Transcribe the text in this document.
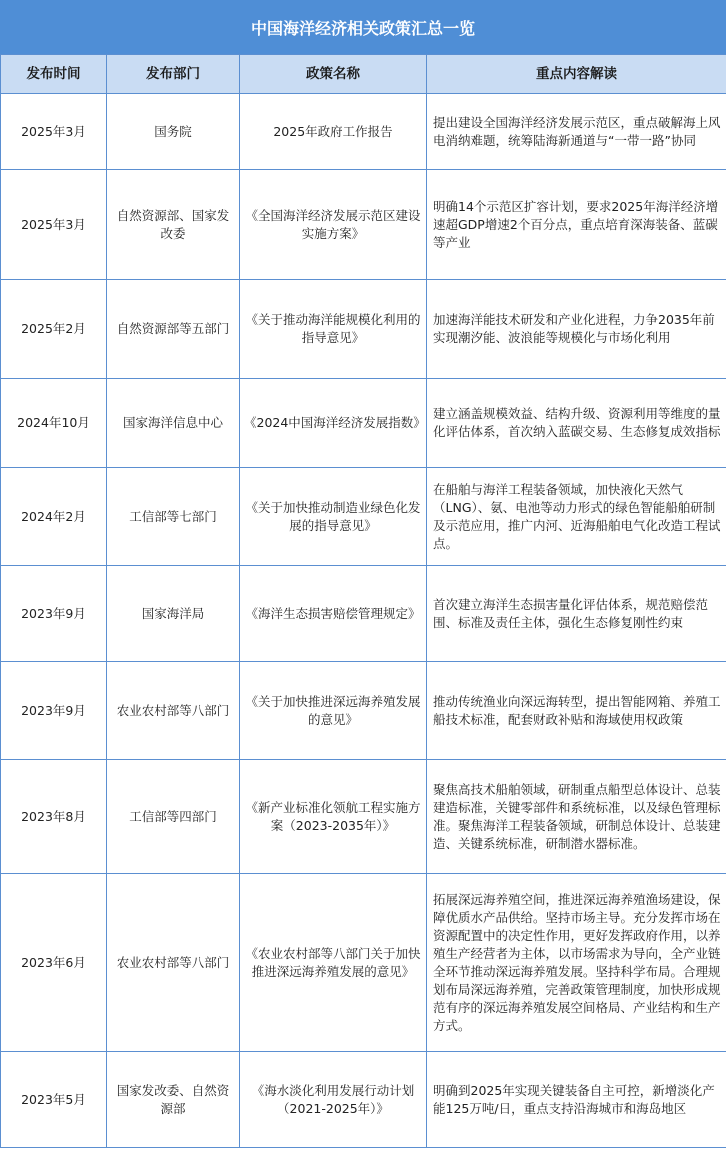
中国海洋经济相关政策汇总一览
发布时间	发布部门	政策名称	重点内容解读
2025年3月	国务院	2025年政府工作报告	提出建设全国海洋经济发展示范区，重点破解海上风电消纳难题，统筹陆海新通道与“一带一路”协同
2025年3月	自然资源部、国家发改委	《全国海洋经济发展示范区建设实施方案》	明确14个示范区扩容计划，要求2025年海洋经济增速超GDP增速2个百分点，重点培育深海装备、蓝碳等产业
2025年2月	自然资源部等五部门	《关于推动海洋能规模化利用的指导意见》	加速海洋能技术研发和产业化进程，力争2035年前实现潮汐能、波浪能等规模化与市场化利用
2024年10月	国家海洋信息中心	《2024中国海洋经济发展指数》	建立涵盖规模效益、结构升级、资源利用等维度的量化评估体系，首次纳入蓝碳交易、生态修复成效指标
2024年2月	工信部等七部门	《关于加快推动制造业绿色化发展的指导意见》	在船舶与海洋工程装备领域，加快液化天然气（LNG）、氨、电池等动力形式的绿色智能船舶研制及示范应用，推广内河、近海船舶电气化改造工程试点。
2023年9月	国家海洋局	《海洋生态损害赔偿管理规定》	首次建立海洋生态损害量化评估体系，规范赔偿范围、标准及责任主体，强化生态修复刚性约束
2023年9月	农业农村部等八部门	《关于加快推进深远海养殖发展的意见》	推动传统渔业向深远海转型，提出智能网箱、养殖工船技术标准，配套财政补贴和海域使用权政策
2023年8月	工信部等四部门	《新产业标准化领航工程实施方案（2023-2035年）》	聚焦高技术船舶领域，研制重点船型总体设计、总装建造标准，关键零部件和系统标准，以及绿色管理标准。聚焦海洋工程装备领域，研制总体设计、总装建造、关键系统标准，研制潜水器标准。
2023年6月	农业农村部等八部门	《农业农村部等八部门关于加快推进深远海养殖发展的意见》	拓展深远海养殖空间，推进深远海养殖渔场建设，保障优质水产品供给。坚持市场主导。充分发挥市场在资源配置中的决定性作用，更好发挥政府作用，以养殖生产经营者为主体，以市场需求为导向，全产业链全环节推动深远海养殖发展。坚持科学布局。合理规划布局深远海养殖，完善政策管理制度，加快形成规范有序的深远海养殖发展空间格局、产业结构和生产方式。
2023年5月	国家发改委、自然资源部	《海水淡化利用发展行动计划（2021-2025年）》	明确到2025年实现关键装备自主可控，新增淡化产能125万吨/日，重点支持沿海城市和海岛地区
